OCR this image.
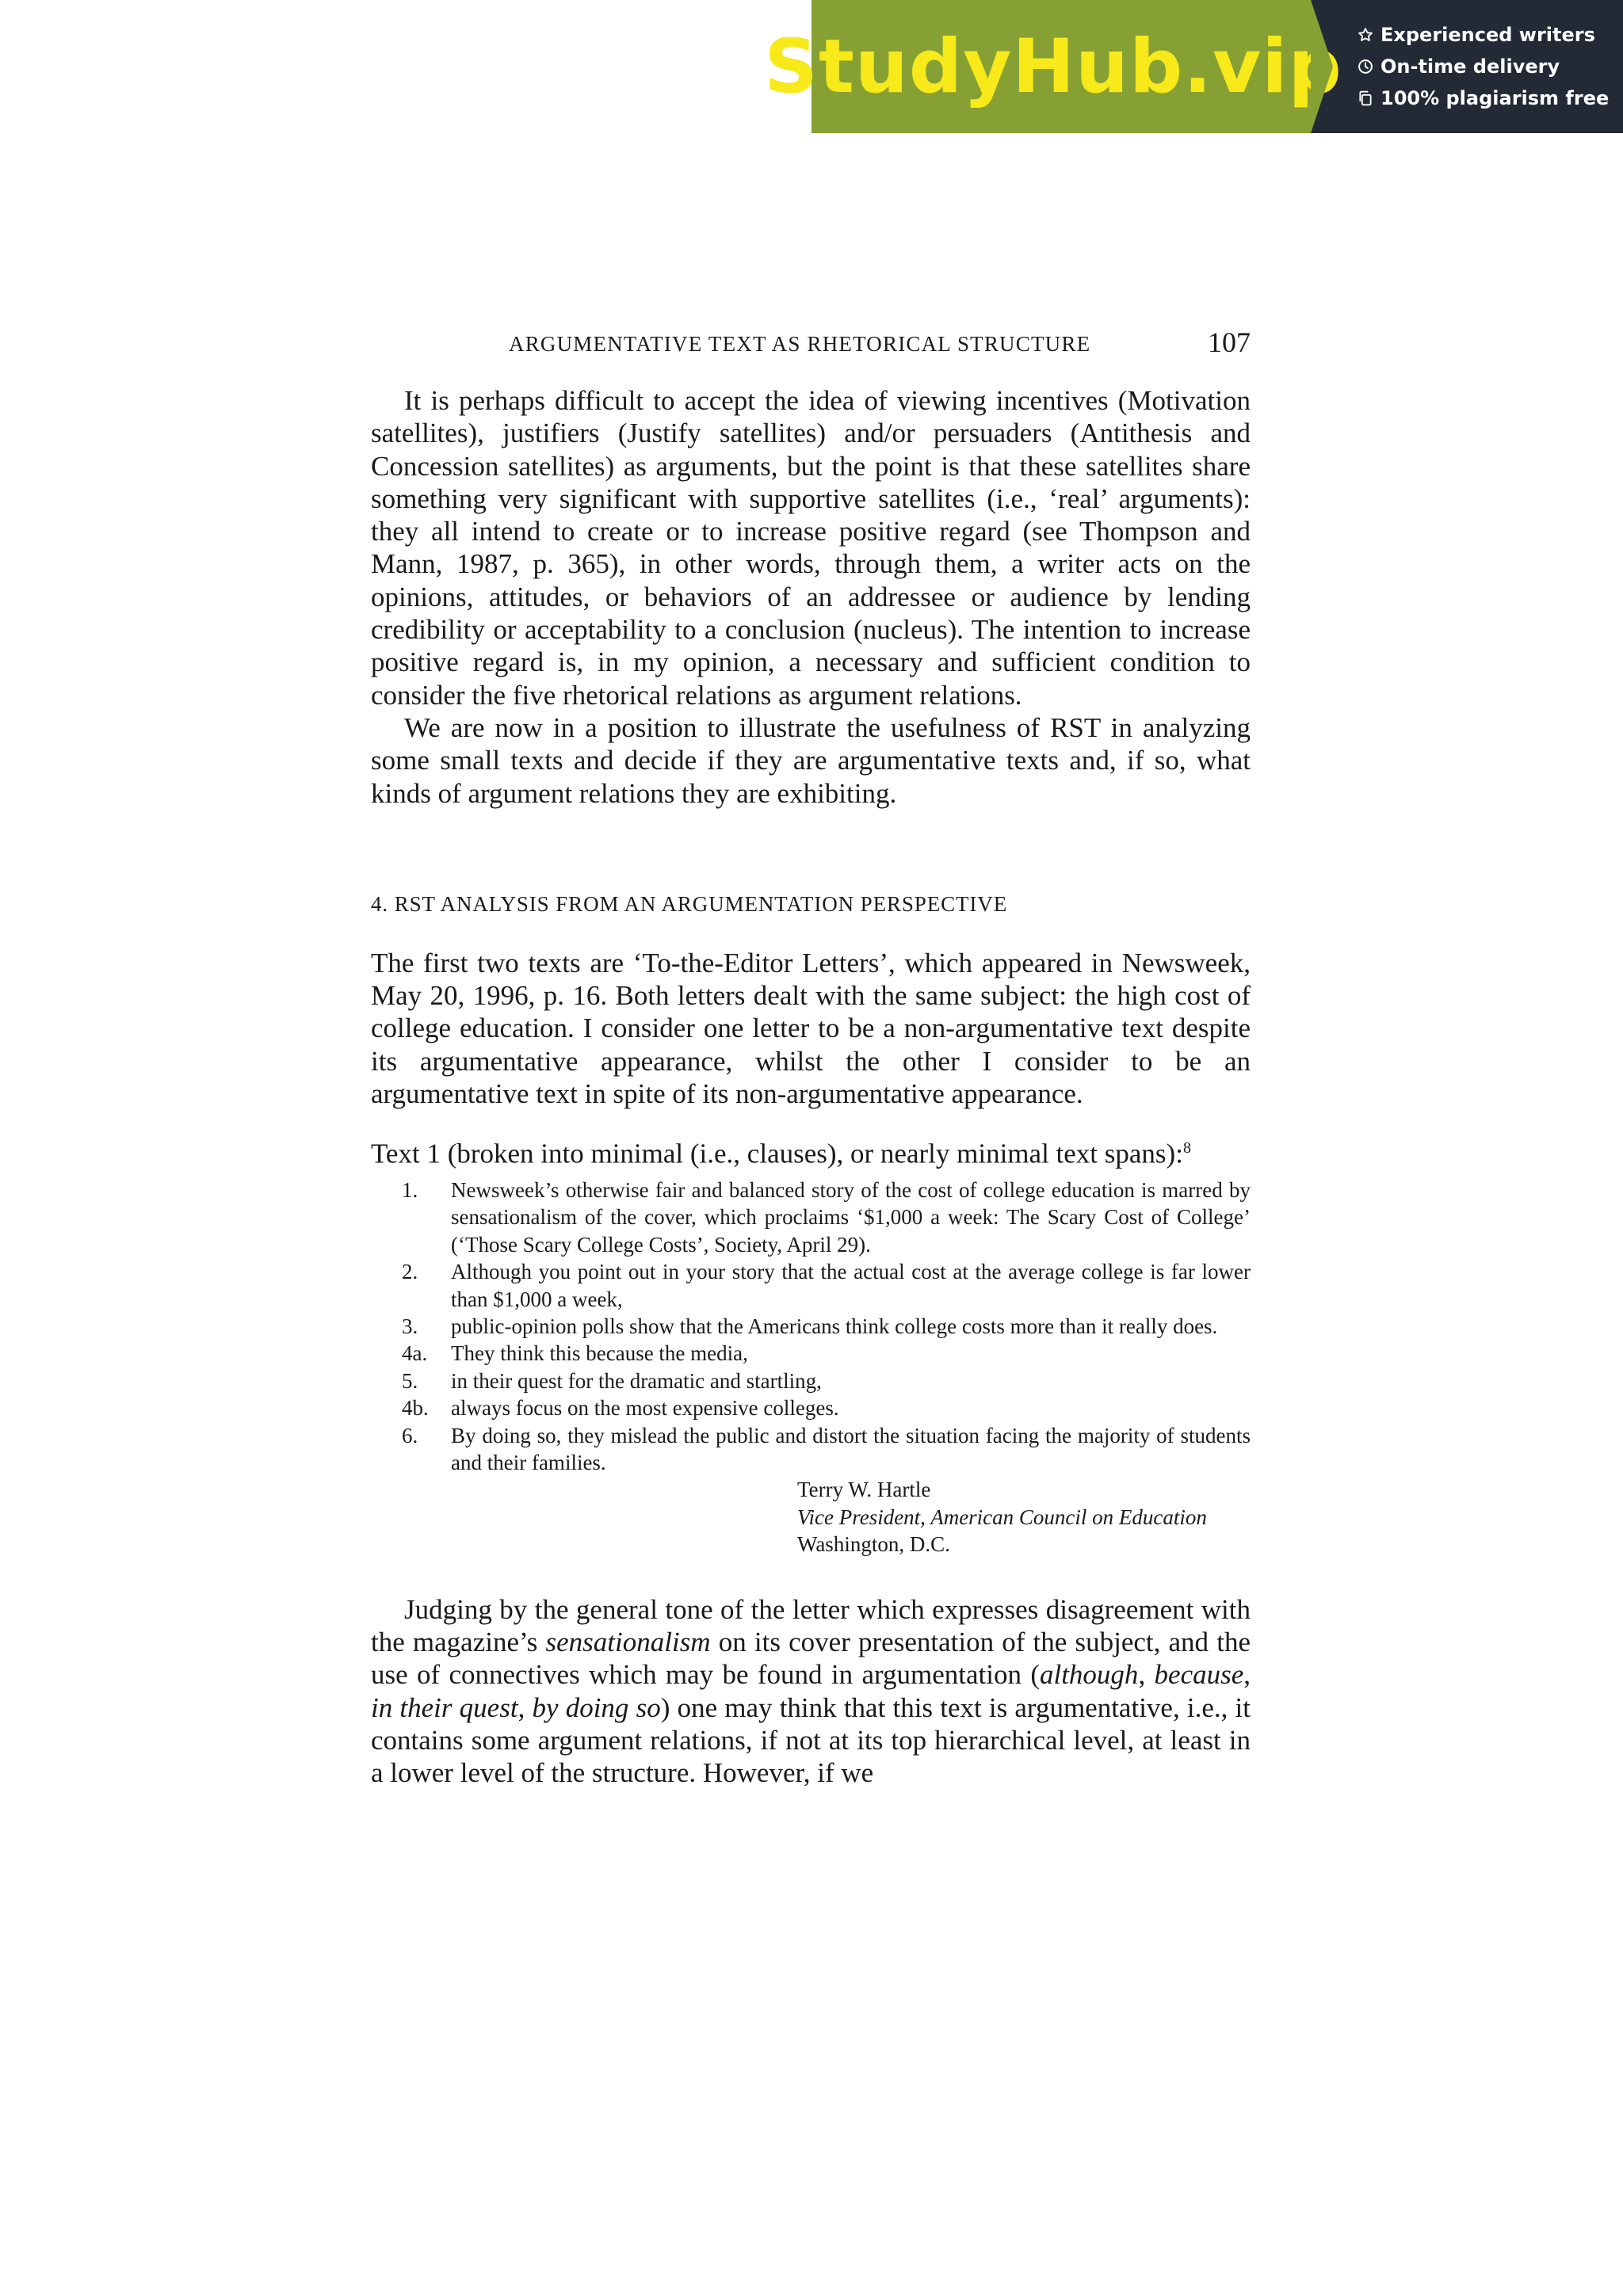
StudyHub.vip Experienced writers
On-time delivery
100% plagiarism free
ARGUMENTATIVE TEXT AS RHETORICAL STRUCTURE	107

It is perhaps difficult to accept the idea of viewing incentives (Motivation satellites), justifiers (Justify satellites) and/or persuaders (Antithesis and Concession satellites) as arguments, but the point is that these satellites share something very significant with supportive satellites (i.e., ‘real’ arguments): they all intend to create or to increase positive regard (see Thompson and Mann, 1987, p. 365), in other words, through them, a writer acts on the opinions, attitudes, or behaviors of an addressee or audience by lending credibility or acceptability to a conclusion (nucleus). The intention to increase positive regard is, in my opinion, a necessary and sufficient condition to consider the five rhetorical relations as argument relations.

We are now in a position to illustrate the usefulness of RST in analyzing some small texts and decide if they are argumentative texts and, if so, what kinds of argument relations they are exhibiting.

4. RST ANALYSIS FROM AN ARGUMENTATION PERSPECTIVE

The first two texts are ‘To-the-Editor Letters’, which appeared in Newsweek, May 20, 1996, p. 16. Both letters dealt with the same subject: the high cost of college education. I consider one letter to be a non-argumentative text despite its argumentative appearance, whilst the other I consider to be an argumentative text in spite of its non-argumentative appearance.

Text 1 (broken into minimal (i.e., clauses), or nearly minimal text spans):$^8$
1.	Newsweek’s otherwise fair and balanced story of the cost of college education is marred by sensationalism of the cover, which proclaims ‘$1,000 a week: The Scary Cost of College’ (‘Those Scary College Costs’, Society, April 29).
2.	Although you point out in your story that the actual cost at the average college is far lower than $1,000 a week,
3.	public-opinion polls show that the Americans think college costs more than it really does.
4a.	They think this because the media,
5.	in their quest for the dramatic and startling,
4b.	always focus on the most expensive colleges.
6.	By doing so, they mislead the public and distort the situation facing the majority of students and their families.
Terry W. Hartle
Vice President, American Council on Education
Washington, D.C.

Judging by the general tone of the letter which expresses disagreement with the magazine’s sensationalism on its cover presentation of the subject, and the use of connectives which may be found in argumentation (although, because, in their quest, by doing so) one may think that this text is argumentative, i.e., it contains some argument relations, if not at its top hierarchical level, at least in a lower level of the structure. However, if we
